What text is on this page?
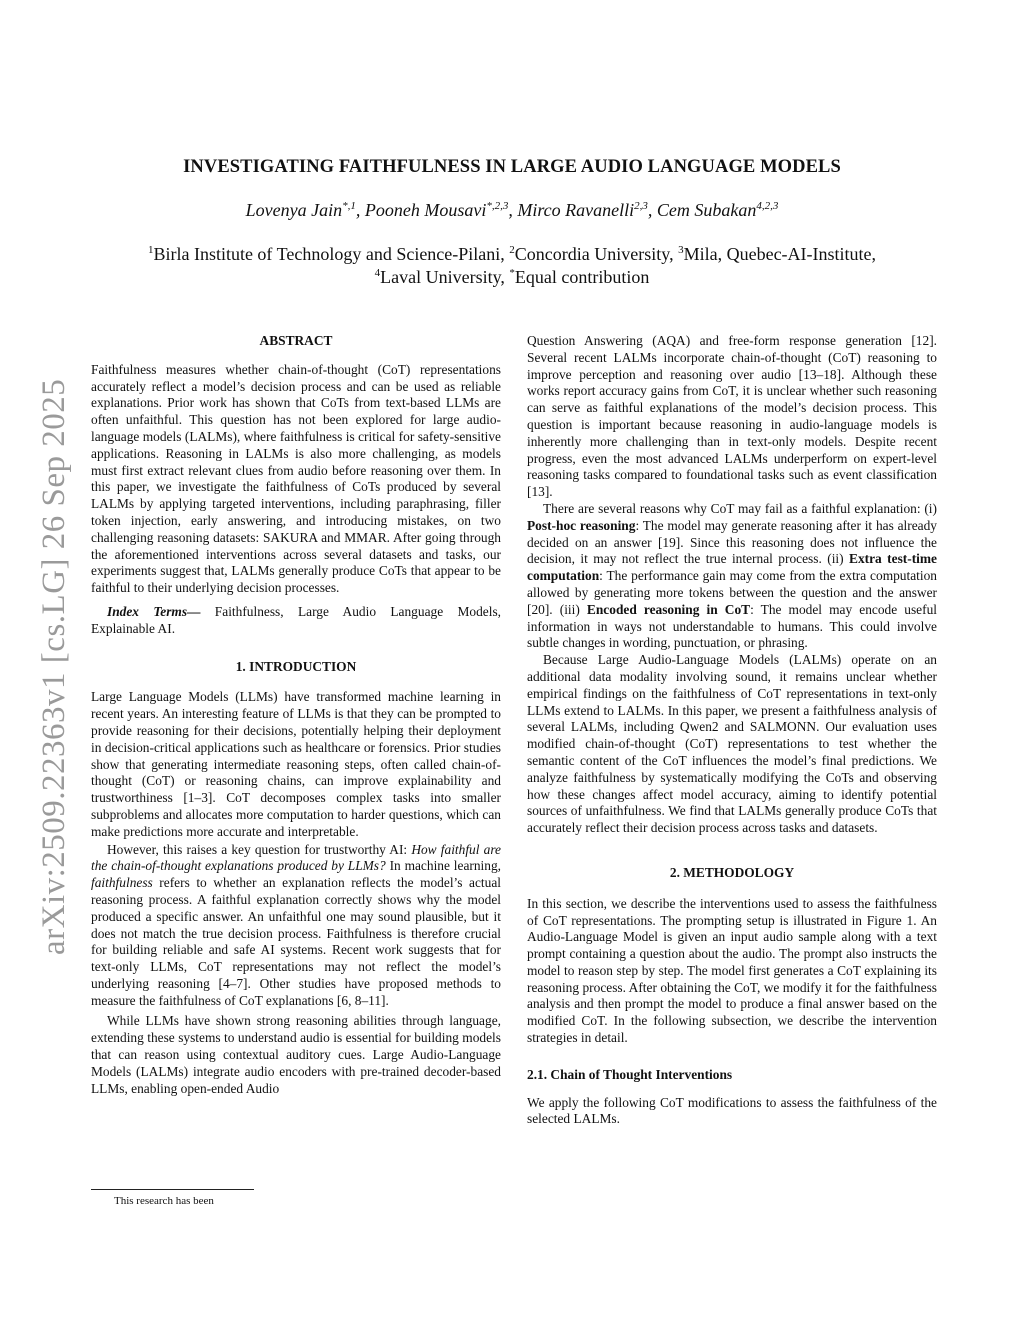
arXiv:2509.22363v1 [cs.LG] 26 Sep 2025
INVESTIGATING FAITHFULNESS IN LARGE AUDIO LANGUAGE MODELS
Lovenya Jain$^{*,1}$, Pooneh Mousavi$^{*,2,3}$, Mirco Ravanelli$^{2,3}$, Cem Subakan$^{4,2,3}$
$^1$Birla Institute of Technology and Science-Pilani, $^2$Concordia University, $^3$Mila, Quebec-AI-Institute,
$^4$Laval University, *Equal contribution
ABSTRACT

Faithfulness measures whether chain-of-thought (CoT) representations accurately reflect a model’s decision process and can be used as reliable explanations. Prior work has shown that CoTs from text-based LLMs are often unfaithful. This question has not been explored for large audio-language models (LALMs), where faithfulness is critical for safety-sensitive applications. Reasoning in LALMs is also more challenging, as models must first extract relevant clues from audio before reasoning over them. In this paper, we investigate the faithfulness of CoTs produced by several LALMs by applying targeted interventions, including paraphrasing, filler token injection, early answering, and introducing mistakes, on two challenging reasoning datasets: SAKURA and MMAR. After going through the aforementioned interventions across several datasets and tasks, our experiments suggest that, LALMs generally produce CoTs that appear to be faithful to their underlying decision processes.

Index Terms— Faithfulness, Large Audio Language Models, Explainable AI.

1. INTRODUCTION

Large Language Models (LLMs) have transformed machine learning in recent years. An interesting feature of LLMs is that they can be prompted to provide reasoning for their decisions, potentially helping their deployment in decision-critical applications such as healthcare or forensics. Prior studies show that generating intermediate reasoning steps, often called chain-of-thought (CoT) or reasoning chains, can improve explainability and trustworthiness [1–3]. CoT decomposes complex tasks into smaller subproblems and allocates more computation to harder questions, which can make predictions more accurate and interpretable.

However, this raises a key question for trustworthy AI: How faithful are the chain-of-thought explanations produced by LLMs? In machine learning, faithfulness refers to whether an explanation reflects the model’s actual reasoning process. A faithful explanation correctly shows why the model produced a specific answer. An unfaithful one may sound plausible, but it does not match the true decision process. Faithfulness is therefore crucial for building reliable and safe AI systems. Recent work suggests that for text-only LLMs, CoT representations may not reflect the model’s underlying reasoning [4–7]. Other studies have proposed methods to measure the faithfulness of CoT explanations [6, 8–11].

While LLMs have shown strong reasoning abilities through language, extending these systems to understand audio is essential for building models that can reason using contextual auditory cues. Large Audio-Language Models (LALMs) integrate audio encoders with pre-trained decoder-based LLMs, enabling open-ended Audio

This research has been

Question Answering (AQA) and free-form response generation [12]. Several recent LALMs incorporate chain-of-thought (CoT) reasoning to improve perception and reasoning over audio [13–18]. Although these works report accuracy gains from CoT, it is unclear whether such reasoning can serve as faithful explanations of the model’s decision process. This question is important because reasoning in audio-language models is inherently more challenging than in text-only models. Despite recent progress, even the most advanced LALMs underperform on expert-level reasoning tasks compared to foundational tasks such as event classification [13].

There are several reasons why CoT may fail as a faithful explanation: (i) Post-hoc reasoning: The model may generate reasoning after it has already decided on an answer [19]. Since this reasoning does not influence the decision, it may not reflect the true internal process. (ii) Extra test-time computation: The performance gain may come from the extra computation allowed by generating more tokens between the question and the answer [20]. (iii) Encoded reasoning in CoT: The model may encode useful information in ways not understandable to humans. This could involve subtle changes in wording, punctuation, or phrasing.

Because Large Audio-Language Models (LALMs) operate on an additional data modality involving sound, it remains unclear whether empirical findings on the faithfulness of CoT representations in text-only LLMs extend to LALMs. In this paper, we present a faithfulness analysis of several LALMs, including Qwen2 and SALMONN. Our evaluation uses modified chain-of-thought (CoT) representations to test whether the semantic content of the CoT influences the model’s final predictions. We analyze faithfulness by systematically modifying the CoTs and observing how these changes affect model accuracy, aiming to identify potential sources of unfaithfulness. We find that LALMs generally produce CoTs that accurately reflect their decision process across tasks and datasets.

2. METHODOLOGY

In this section, we describe the interventions used to assess the faithfulness of CoT representations. The prompting setup is illustrated in Figure 1. An Audio-Language Model is given an input audio sample along with a text prompt containing a question about the audio. The prompt also instructs the model to reason step by step. The model first generates a CoT explaining its reasoning process. After obtaining the CoT, we modify it for the faithfulness analysis and then prompt the model to produce a final answer based on the modified CoT. In the following subsection, we describe the intervention strategies in detail.

2.1. Chain of Thought Interventions

We apply the following CoT modifications to assess the faithfulness of the selected LALMs.
